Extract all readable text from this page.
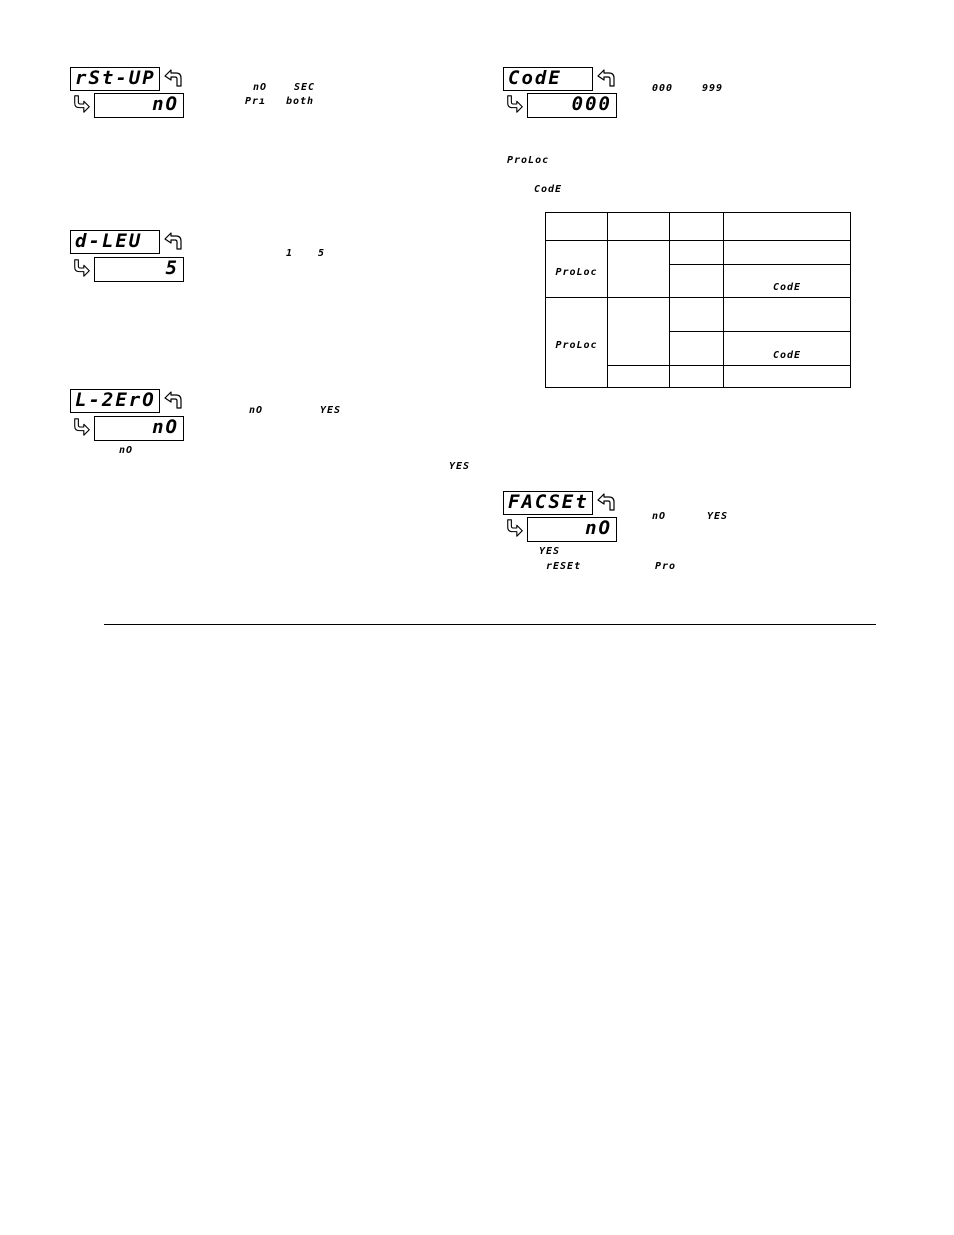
rSt-UP
nO
nO	SEC
Prı both
d-LEU
5
1 5
L-2ErO
nO
nO	YES
nO
YES
CodE
000
000	999
ProLoc
CodE

ProLoc			
			CodE
ProLoc			
			CodE

FACSEt
nO
nO	YES
YES
rESEt	Pro
